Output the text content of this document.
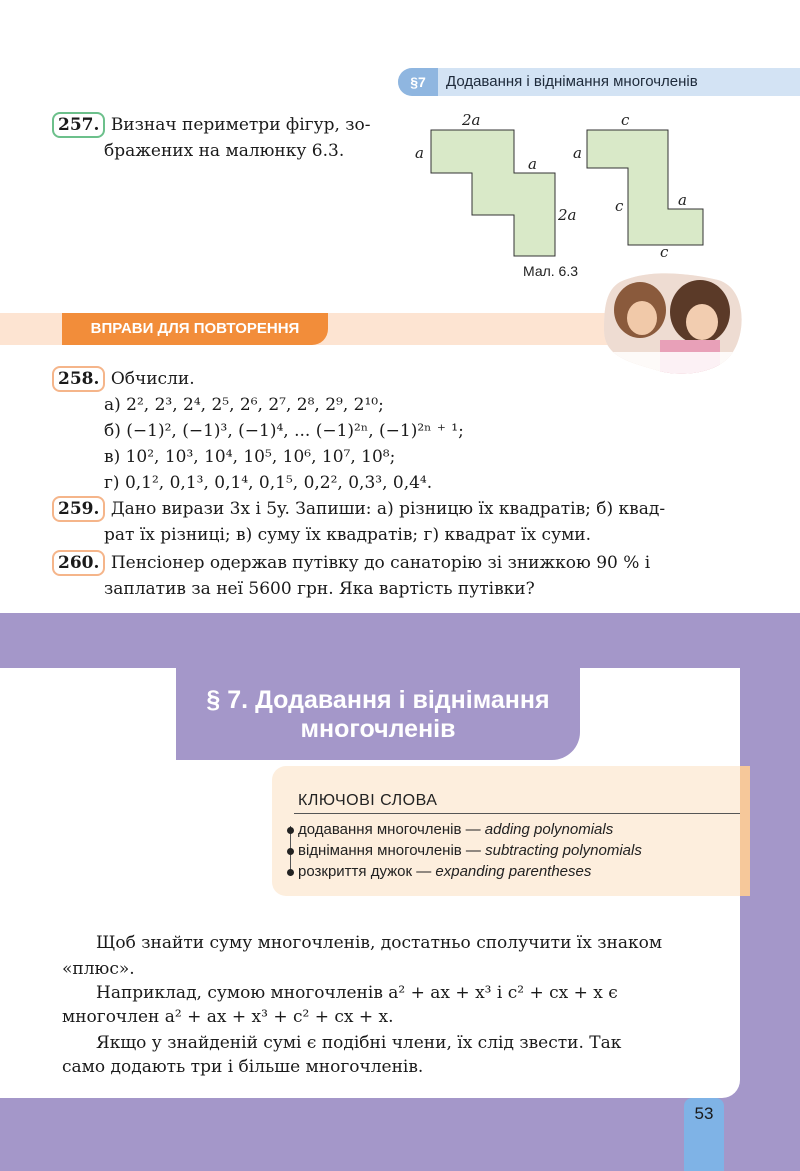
§7	Додавання і віднімання многочленів
257. Визнач периметри фігур, зо-
бражених на малюнку 6.3.
2a
a
a
2a
c
a
c	a
c
Мал. 6.3
ВПРАВИ ДЛЯ ПОВТОРЕННЯ
258. Обчисли.
а) 2², 2³, 2⁴, 2⁵, 2⁶, 2⁷, 2⁸, 2⁹, 2¹⁰;
б) (−1)², (−1)³, (−1)⁴, ... (−1)²ⁿ, (−1)²ⁿ ⁺ ¹;
в) 10², 10³, 10⁴, 10⁵, 10⁶, 10⁷, 10⁸;
г) 0,1², 0,1³, 0,1⁴, 0,1⁵, 0,2², 0,3³, 0,4⁴.
259. Дано вирази 3x і 5y. Запиши: а) різницю їх квадратів; б) квад-
рат їх різниці; в) суму їх квадратів; г) квадрат їх суми.
260. Пенсіонер одержав путівку до санаторію зі знижкою 90 % і
заплатив за неї 5600 грн. Яка вартість путівки?
§ 7. Додавання і віднімання
многочленів
КЛЮЧОВІ СЛОВА
додавання многочленів — adding polynomials
віднімання многочленів — subtracting polynomials
розкриття дужок — expanding parentheses
Щоб знайти суму многочленів, достатньо сполучити їх знаком
«плюс».
Наприклад, сумою многочленів a² + ax + x³ і c² + cx + x є
многочлен a² + ax + x³ + c² + cx + x.
Якщо у знайденій сумі є подібні члени, їх слід звести. Так
само додають три і більше многочленів.
53
